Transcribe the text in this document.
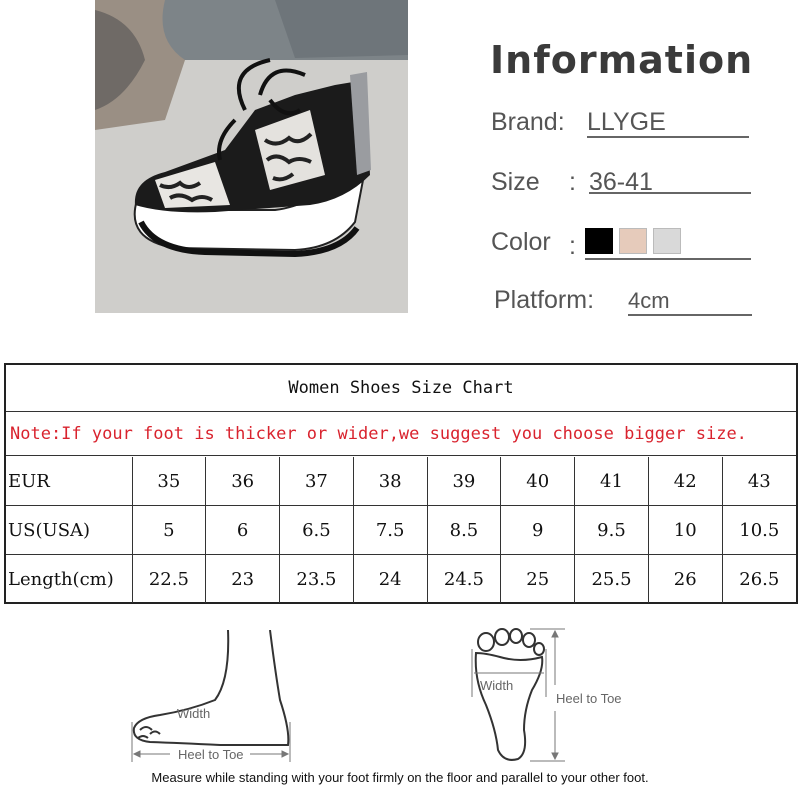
Information
Brand: LLYGE
Size : 36-41
Color :
Platform: 4cm
Women Shoes Size Chart
Note:If your foot is thicker or wider,we suggest you choose bigger size.
EUR	35	36	37	38	39	40	41	42	43
US(USA)	5	6	6.5	7.5	8.5	9	9.5	10	10.5
Length(cm)	22.5	23	23.5	24	24.5	25	25.5	26	26.5
Width
Heel to Toe
Width
Heel to Toe
Measure while standing with your foot firmly on the floor and parallel to your other foot.
